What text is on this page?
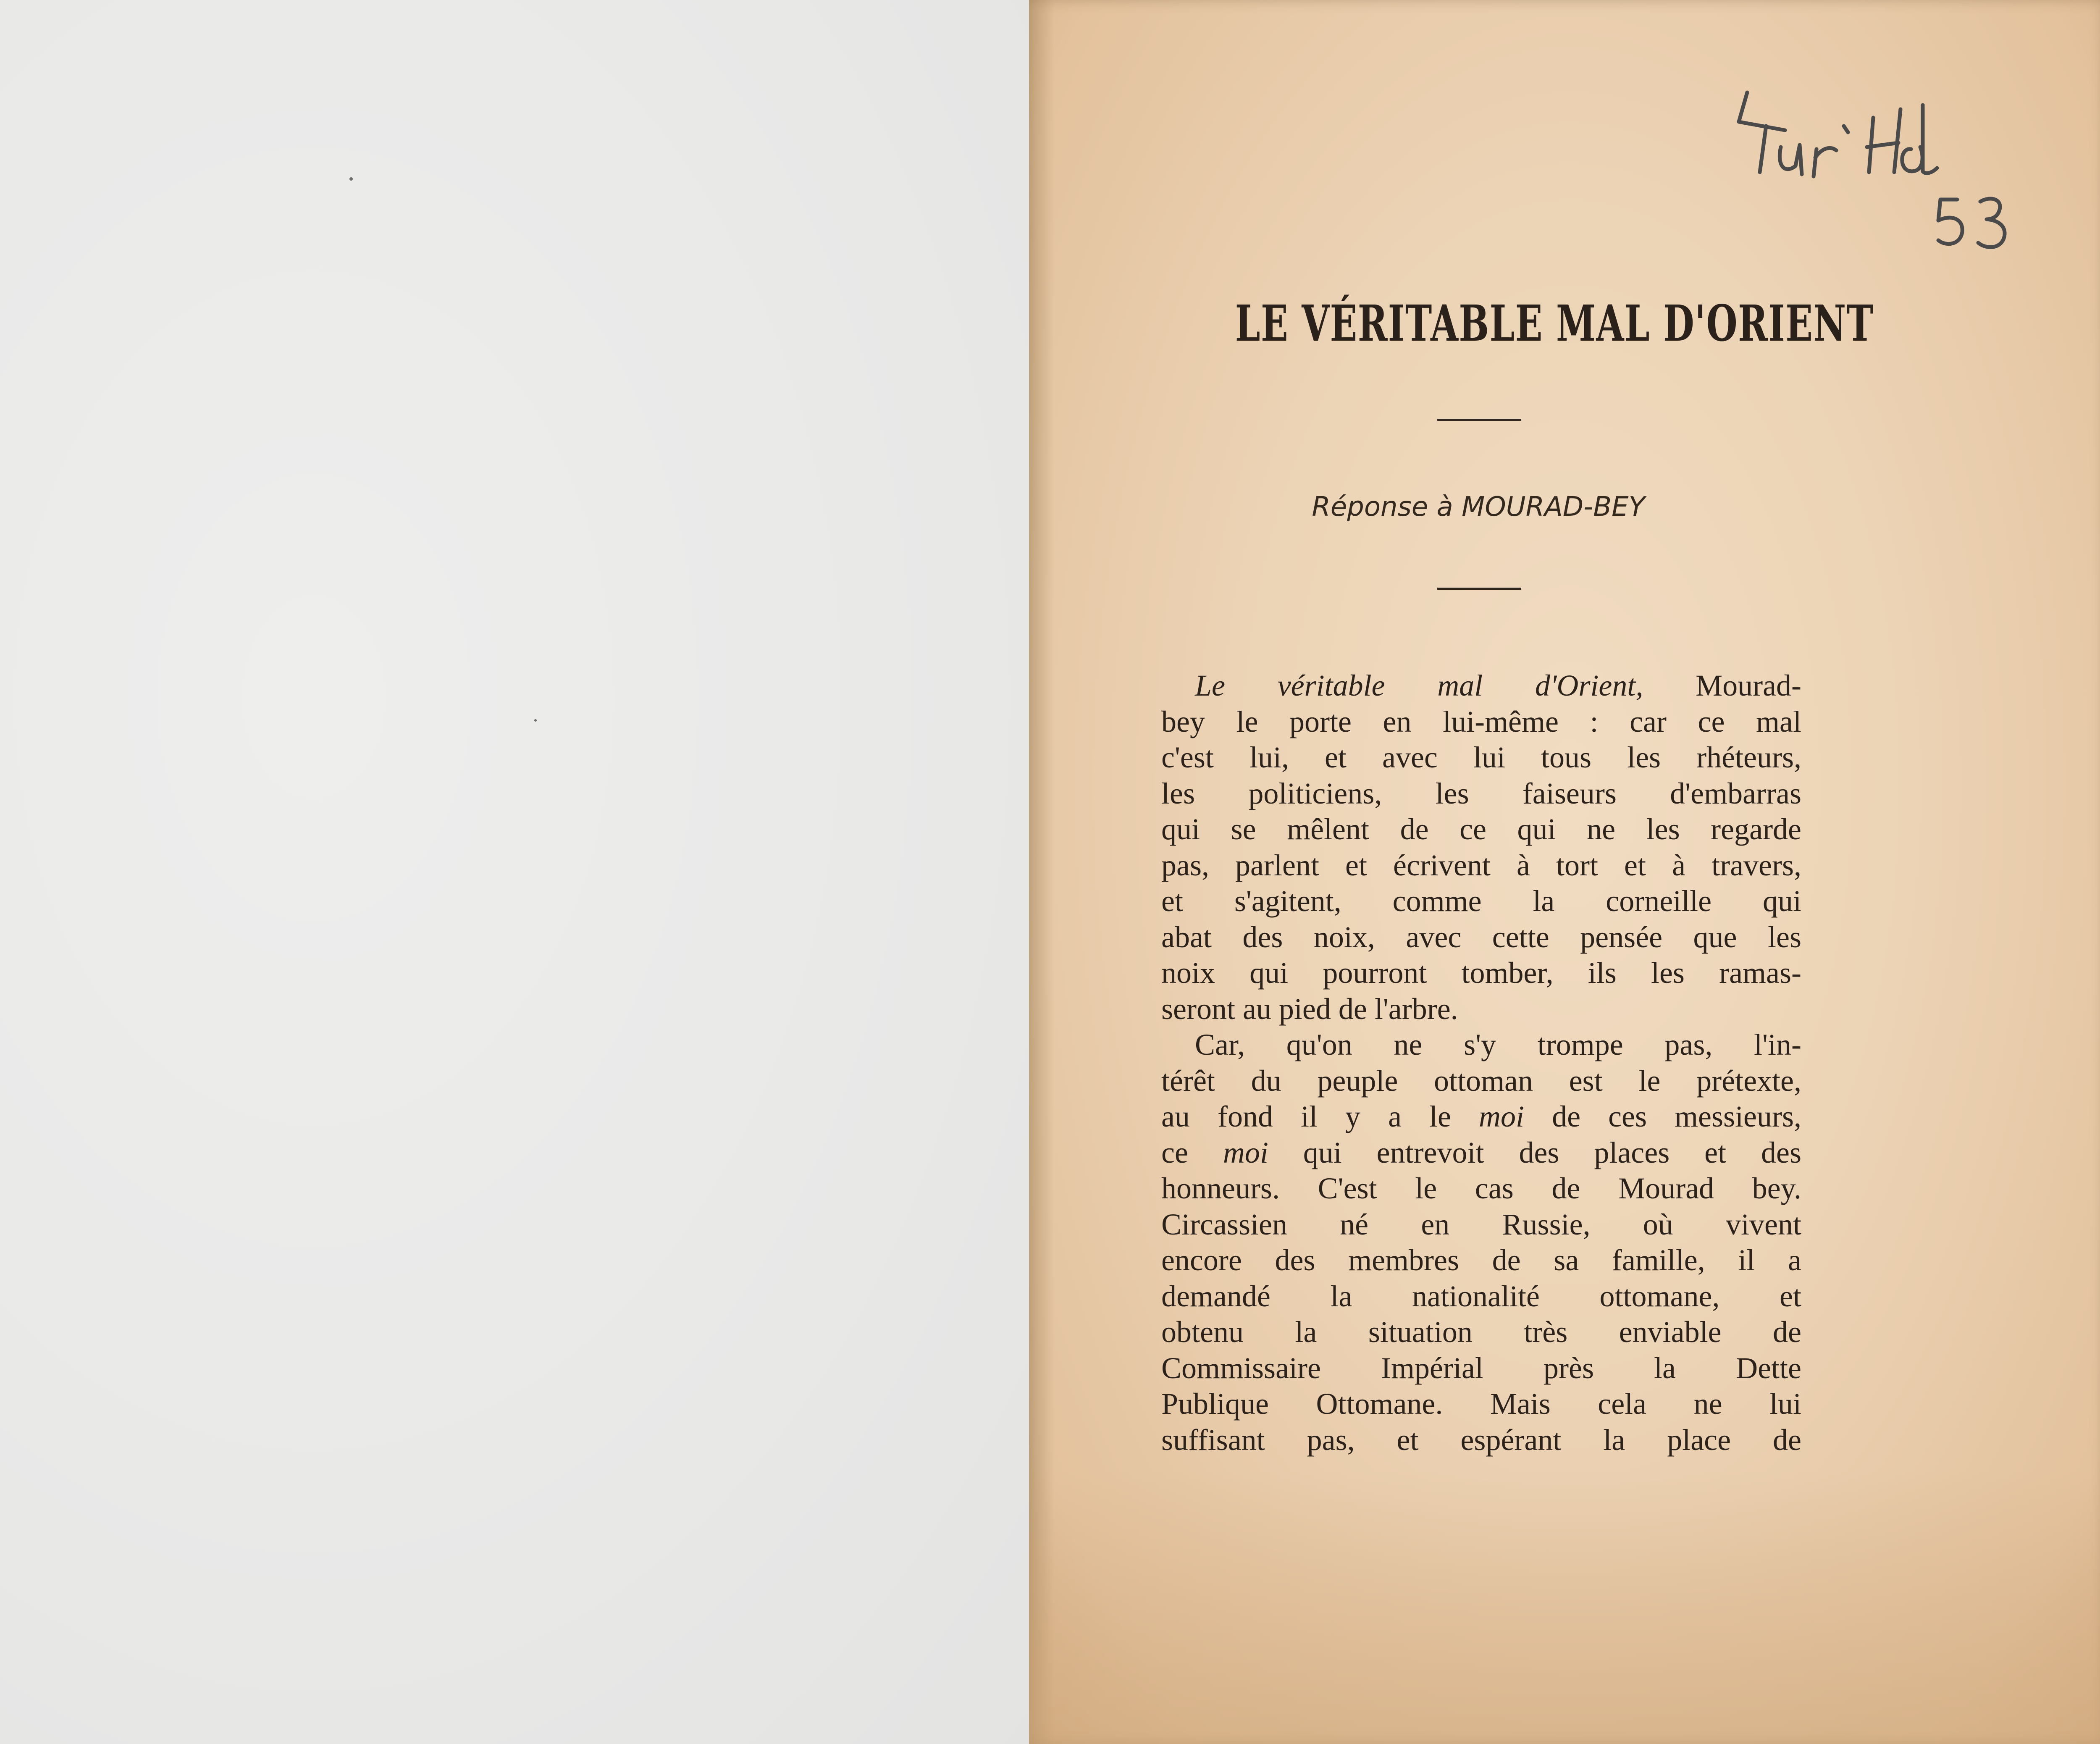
LE VÉRITABLE MAL D'ORIENT

Réponse à MOURAD-BEY

Le véritable mal d'Orient, Mourad-
bey le porte en lui-même : car ce mal
c'est lui, et avec lui tous les rhéteurs,
les politiciens, les faiseurs d'embarras
qui se mêlent de ce qui ne les regarde
pas, parlent et écrivent à tort et à travers,
et s'agitent, comme la corneille qui
abat des noix, avec cette pensée que les
noix qui pourront tomber, ils les ramas-
seront au pied de l'arbre.
Car, qu'on ne s'y trompe pas, l'in-
térêt du peuple ottoman est le prétexte,
au fond il y a le moi de ces messieurs,
ce moi qui entrevoit des places et des
honneurs. C'est le cas de Mourad bey.
Circassien né en Russie, où vivent
encore des membres de sa famille, il a
demandé la nationalité ottomane, et
obtenu la situation très enviable de
Commissaire Impérial près la Dette
Publique Ottomane. Mais cela ne lui
suffisant pas, et espérant la place de
